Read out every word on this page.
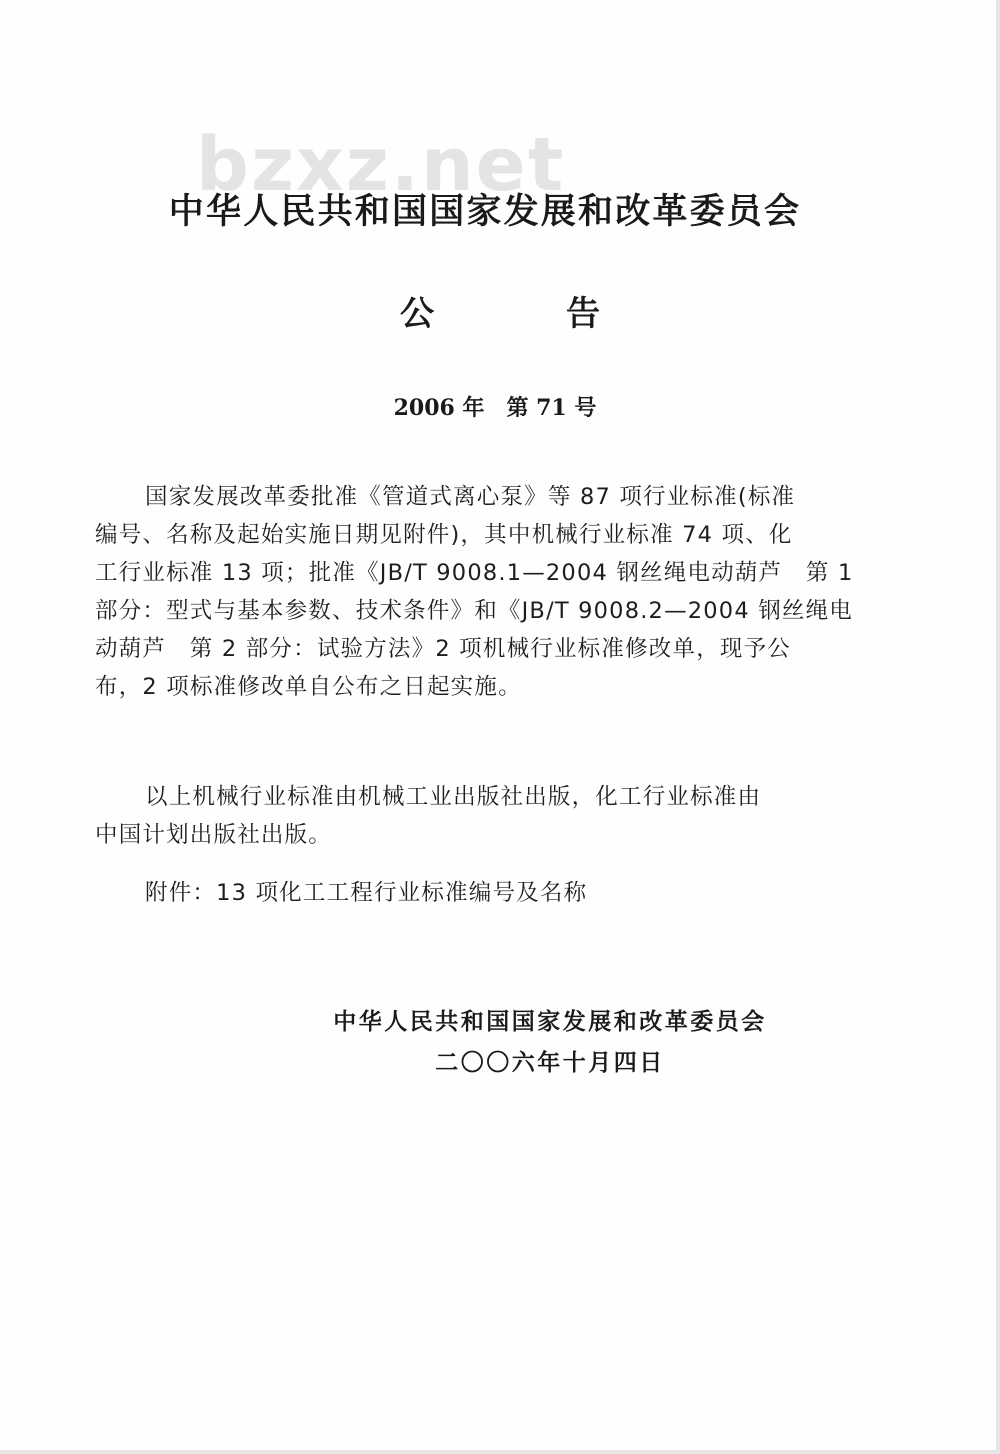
bzxz.net
中华人民共和国国家发展和改革委员会
公	告
2006 年　第 71 号
国家发展改革委批准《管道式离心泵》等 87 项行业标准(标准
编号、名称及起始实施日期见附件)，其中机械行业标准 74 项、化
工行业标准 13 项；批准《JB/T 9008.1—2004 钢丝绳电动葫芦　第 1
部分：型式与基本参数、技术条件》和《JB/T 9008.2—2004 钢丝绳电
动葫芦　第 2 部分：试验方法》2 项机械行业标准修改单，现予公
布，2 项标准修改单自公布之日起实施。
以上机械行业标准由机械工业出版社出版，化工行业标准由
中国计划出版社出版。
附件：13 项化工工程行业标准编号及名称
中华人民共和国国家发展和改革委员会
二〇〇六年十月四日
